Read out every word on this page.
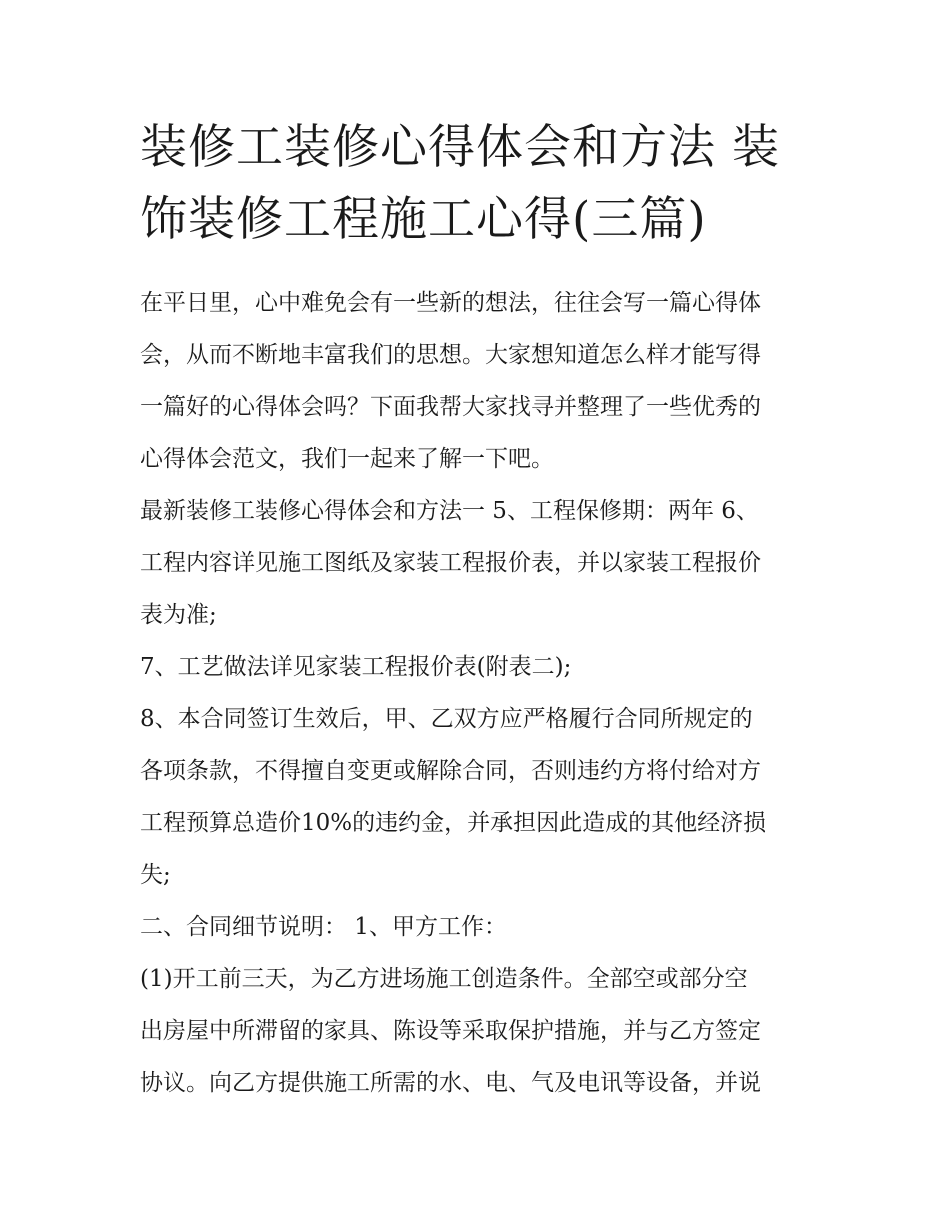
装修工装修心得体会和方法 装
饰装修工程施工心得(三篇)
在平日里，心中难免会有一些新的想法，往往会写一篇心得体
会，从而不断地丰富我们的思想。大家想知道怎么样才能写得
一篇好的心得体会吗？下面我帮大家找寻并整理了一些优秀的
心得体会范文，我们一起来了解一下吧。
最新装修工装修心得体会和方法一 5、工程保修期：两年 6、
工程内容详见施工图纸及家装工程报价表，并以家装工程报价
表为准;
7、工艺做法详见家装工程报价表(附表二);
8、本合同签订生效后，甲、乙双方应严格履行合同所规定的
各项条款，不得擅自变更或解除合同，否则违约方将付给对方
工程预算总造价10%的违约金，并承担因此造成的其他经济损
失;
二、合同细节说明： 1、甲方工作：
(1)开工前三天，为乙方进场施工创造条件。全部空或部分空
出房屋中所滞留的家具、陈设等采取保护措施，并与乙方签定
协议。向乙方提供施工所需的水、电、气及电讯等设备，并说
